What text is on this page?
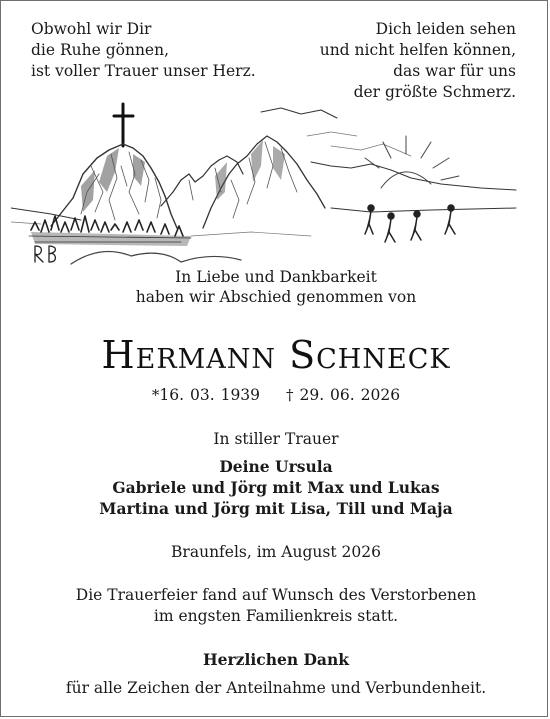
Obwohl wir Dir
die Ruhe gönnen,
ist voller Trauer unser Herz.
Dich leiden sehen
und nicht helfen können,
das war für uns
der größte Schmerz.
In Liebe und Dankbarkeit
haben wir Abschied genommen von
Hermann Schneck
*16. 03. 1939 † 29. 06. 2026
In stiller Trauer
Deine Ursula
Gabriele und Jörg mit Max und Lukas
Martina und Jörg mit Lisa, Till und Maja
Braunfels, im August 2026
Die Trauerfeier fand auf Wunsch des Verstorbenen
im engsten Familienkreis statt.
Herzlichen Dank
für alle Zeichen der Anteilnahme und Verbundenheit.
